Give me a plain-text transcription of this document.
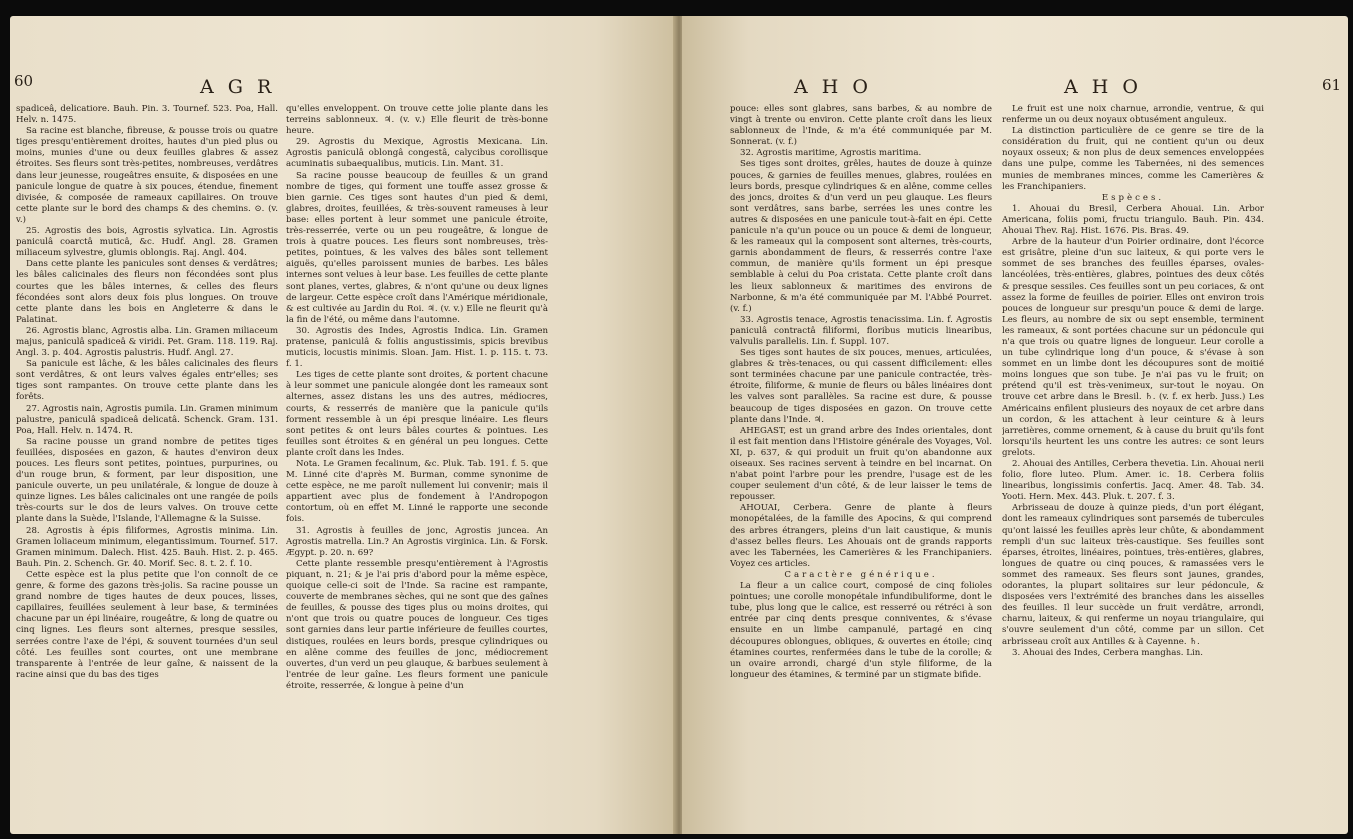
60	A G R

spadiceâ, delicatiore. Bauh. Pin. 3. Tournef. 523. Poa, Hall. Helv. n. 1475.

Sa racine est blanche, fibreuse, & pousse trois ou quatre tiges presqu'entièrement droites, hautes d'un pied plus ou moins, munies d'une ou deux feuilles glabres & assez étroites. Ses fleurs sont très-petites, nombreuses, verdâtres dans leur jeunesse, rougeâtres ensuite, & disposées en une panicule longue de quatre à six pouces, étendue, finement divisée, & composée de rameaux capillaires. On trouve cette plante sur le bord des champs & des chemins. ⊙. (v. v.)

25. Agrostis des bois, Agrostis sylvatica. Lin. Agrostis paniculâ coarctâ muticâ, &c. Hudf. Angl. 28. Gramen miliaceum sylvestre, glumis oblongis. Raj. Angl. 404.

Dans cette plante les panicules sont denses & verdâtres; les bâles calicinales des fleurs non fécondées sont plus courtes que les bâles internes, & celles des fleurs fécondées sont alors deux fois plus longues. On trouve cette plante dans les bois en Angleterre & dans le Palatinat.

26. Agrostis blanc, Agrostis alba. Lin. Gramen miliaceum majus, paniculâ spadiceâ & viridi. Pet. Gram. 118. 119. Raj. Angl. 3. p. 404. Agrostis palustris. Hudf. Angl. 27.

Sa panicule est lâche, & les bâles calicinales des fleurs sont verdâtres, & ont leurs valves égales entr'elles; ses tiges sont rampantes. On trouve cette plante dans les forêts.

27. Agrostis nain, Agrostis pumila. Lin. Gramen minimum palustre, paniculâ spadiceâ delicatâ. Schenck. Gram. 131. Poa, Hall. Helv. n. 1474. R.

Sa racine pousse un grand nombre de petites tiges feuillées, disposées en gazon, & hautes d'environ deux pouces. Les fleurs sont petites, pointues, purpurines, ou d'un rouge brun, & forment, par leur disposition, une panicule ouverte, un peu unilatérale, & longue de douze à quinze lignes. Les bâles calicinales ont une rangée de poils très-courts sur le dos de leurs valves. On trouve cette plante dans la Suède, l'Islande, l'Allemagne & la Suisse.

28. Agrostis à épis filiformes, Agrostis minima. Lin. Gramen loliaceum minimum, elegantissimum. Tournef. 517. Gramen minimum. Dalech. Hist. 425. Bauh. Hist. 2. p. 465. Bauh. Pin. 2. Schench. Gr. 40. Morif. Sec. 8. t. 2. f. 10.

Cette espèce est la plus petite que l'on connoît de ce genre, & forme des gazons très-jolis. Sa racine pousse un grand nombre de tiges hautes de deux pouces, lisses, capillaires, feuillées seulement à leur base, & terminées chacune par un épi linéaire, rougeâtre, & long de quatre ou cinq lignes. Les fleurs sont alternes, presque sessiles, serrées contre l'axe de l'épi, & souvent tournées d'un seul côté. Les feuilles sont courtes, ont une membrane transparente à l'entrée de leur gaîne, & naissent de la racine ainsi que du bas des tiges

qu'elles enveloppent. On trouve cette jolie plante dans les terreins sablonneux. ♃. (v. v.) Elle fleurit de très-bonne heure.

29. Agrostis du Mexique, Agrostis Mexicana. Lin. Agrostis paniculâ oblongâ congestâ, calycibus corollisque acuminatis subaequalibus, muticis. Lin. Mant. 31.

Sa racine pousse beaucoup de feuilles & un grand nombre de tiges, qui forment une touffe assez grosse & bien garnie. Ces tiges sont hautes d'un pied & demi, glabres, droites, feuillées, & très-souvent rameuses à leur base: elles portent à leur sommet une panicule étroite, très-resserrée, verte ou un peu rougeâtre, & longue de trois à quatre pouces. Les fleurs sont nombreuses, très-petites, pointues, & les valves des bâles sont tellement aiguës, qu'elles paroissent munies de barbes. Les bâles internes sont velues à leur base. Les feuilles de cette plante sont planes, vertes, glabres, & n'ont qu'une ou deux lignes de largeur. Cette espèce croît dans l'Amérique méridionale, & est cultivée au Jardin du Roi. ♃. (v. v.) Elle ne fleurit qu'à la fin de l'été, ou même dans l'automne.

30. Agrostis des Indes, Agrostis Indica. Lin. Gramen pratense, paniculâ & foliis angustissimis, spicis brevibus muticis, locustis minimis. Sloan. Jam. Hist. 1. p. 115. t. 73. f. 1.

Les tiges de cette plante sont droites, & portent chacune à leur sommet une panicule alongée dont les rameaux sont alternes, assez distans les uns des autres, médiocres, courts, & resserrés de manière que la panicule qu'ils forment ressemble à un épi presque linéaire. Les fleurs sont petites & ont leurs bâles courtes & pointues. Les feuilles sont étroites & en général un peu longues. Cette plante croît dans les Indes.

Nota. Le Gramen fecalinum, &c. Pluk. Tab. 191. f. 5. que M. Linné cite d'après M. Burman, comme synonime de cette espèce, ne me paroît nullement lui convenir; mais il appartient avec plus de fondement à l'Andropogon contortum, où en effet M. Linné le rapporte une seconde fois.

31. Agrostis à feuilles de jonc, Agrostis juncea. An Agrostis matrella. Lin.? An Agrostis virginica. Lin. & Forsk. Ægypt. p. 20. n. 69?

Cette plante ressemble presqu'entièrement à l'Agrostis piquant, n. 21; & je l'ai pris d'abord pour la même espèce, quoique celle-ci soit de l'Inde. Sa racine est rampante, couverte de membranes sèches, qui ne sont que des gaînes de feuilles, & pousse des tiges plus ou moins droites, qui n'ont que trois ou quatre pouces de longueur. Ces tiges sont garnies dans leur partie inférieure de feuilles courtes, distiques, roulées en leurs bords, presque cylindriques ou en alêne comme des feuilles de jonc, médiocrement ouvertes, d'un verd un peu glauque, & barbues seulement à l'entrée de leur gaîne. Les fleurs forment une panicule étroite, resserrée, & longue à peine d'un

A H O	A H O	61

pouce: elles sont glabres, sans barbes, & au nombre de vingt à trente ou environ. Cette plante croît dans les lieux sablonneux de l'Inde, & m'a été communiquée par M. Sonnerat. (v. f.)

32. Agrostis maritime, Agrostis maritima.

Ses tiges sont droites, grêles, hautes de douze à quinze pouces, & garnies de feuilles menues, glabres, roulées en leurs bords, presque cylindriques & en alêne, comme celles des joncs, droites & d'un verd un peu glauque. Les fleurs sont verdâtres, sans barbe, serrées les unes contre les autres & disposées en une panicule tout-à-fait en épi. Cette panicule n'a qu'un pouce ou un pouce & demi de longueur, & les rameaux qui la composent sont alternes, très-courts, garnis abondamment de fleurs, & resserrés contre l'axe commun, de manière qu'ils forment un épi presque semblable à celui du Poa cristata. Cette plante croît dans les lieux sablonneux & maritimes des environs de Narbonne, & m'a été communiquée par M. l'Abbé Pourret. (v. f.)

33. Agrostis tenace, Agrostis tenacissima. Lin. f. Agrostis paniculâ contractâ filiformi, floribus muticis linearibus, valvulis parallelis. Lin. f. Suppl. 107.

Ses tiges sont hautes de six pouces, menues, articulées, glabres & très-tenaces, ou qui cassent difficilement: elles sont terminées chacune par une panicule contractée, très-étroite, filiforme, & munie de fleurs ou bâles linéaires dont les valves sont parallèles. Sa racine est dure, & pousse beaucoup de tiges disposées en gazon. On trouve cette plante dans l'Inde. ♃.

AHEGAST, est un grand arbre des Indes orientales, dont il est fait mention dans l'Histoire générale des Voyages, Vol. XI, p. 637, & qui produit un fruit qu'on abandonne aux oiseaux. Ses racines servent à teindre en bel incarnat. On n'abat point l'arbre pour les prendre, l'usage est de les couper seulement d'un côté, & de leur laisser le tems de repousser.

AHOUAI, Cerbera. Genre de plante à fleurs monopétalées, de la famille des Apocins, & qui comprend des arbres étrangers, pleins d'un lait caustique, & munis d'assez belles fleurs. Les Ahouais ont de grands rapports avec les Tabernées, les Camerières & les Franchipaniers. Voyez ces articles.

Caractère générique.

La fleur a un calice court, composé de cinq folioles pointues; une corolle monopétale infundibuliforme, dont le tube, plus long que le calice, est resserré ou rétréci à son entrée par cinq dents presque conniventes, & s'évase ensuite en un limbe campanulé, partagé en cinq découpures oblongues, obliques, & ouvertes en étoile; cinq étamines courtes, renfermées dans le tube de la corolle; & un ovaire arrondi, chargé d'un style filiforme, de la longueur des étamines, & terminé par un stigmate bifide.

Le fruit est une noix charnue, arrondie, ventrue, & qui renferme un ou deux noyaux obtusément anguleux.

La distinction particulière de ce genre se tire de la considération du fruit, qui ne contient qu'un ou deux noyaux osseux; & non plus de deux semences enveloppées dans une pulpe, comme les Tabernées, ni des semences munies de membranes minces, comme les Camerières & les Franchipaniers.

Espèces.

1. Ahouai du Bresil, Cerbera Ahouai. Lin. Arbor Americana, foliis pomi, fructu triangulo. Bauh. Pin. 434. Ahouai Thev. Raj. Hist. 1676. Pis. Bras. 49.

Arbre de la hauteur d'un Poirier ordinaire, dont l'écorce est grisâtre, pleine d'un suc laiteux, & qui porte vers le sommet de ses branches des feuilles éparses, ovales-lancéolées, très-entières, glabres, pointues des deux côtés & presque sessiles. Ces feuilles sont un peu coriaces, & ont assez la forme de feuilles de poirier. Elles ont environ trois pouces de longueur sur presqu'un pouce & demi de large. Les fleurs, au nombre de six ou sept ensemble, terminent les rameaux, & sont portées chacune sur un pédoncule qui n'a que trois ou quatre lignes de longueur. Leur corolle a un tube cylindrique long d'un pouce, & s'évase à son sommet en un limbe dont les découpures sont de moitié moins longues que son tube. Je n'ai pas vu le fruit; on prétend qu'il est très-venimeux, sur-tout le noyau. On trouve cet arbre dans le Bresil. ♄. (v. f. ex herb. Juss.) Les Américains enfilent plusieurs des noyaux de cet arbre dans un cordon, & les attachent à leur ceinture & à leurs jarretières, comme ornement, & à cause du bruit qu'ils font lorsqu'ils heurtent les uns contre les autres: ce sont leurs grelots.

2. Ahouai des Antilles, Cerbera thevetia. Lin. Ahouai nerii folio, flore luteo. Plum. Amer. ic. 18. Cerbera foliis linearibus, longissimis confertis. Jacq. Amer. 48. Tab. 34. Yooti. Hern. Mex. 443. Pluk. t. 207. f. 3.

Arbrisseau de douze à quinze pieds, d'un port élégant, dont les rameaux cylindriques sont parsemés de tubercules qu'ont laissé les feuilles après leur chûte, & abondamment rempli d'un suc laiteux très-caustique. Ses feuilles sont éparses, étroites, linéaires, pointues, très-entières, glabres, longues de quatre ou cinq pouces, & ramassées vers le sommet des rameaux. Ses fleurs sont jaunes, grandes, odorantes, la plupart solitaires sur leur pédoncule, & disposées vers l'extrémité des branches dans les aisselles des feuilles. Il leur succède un fruit verdâtre, arrondi, charnu, laiteux, & qui renferme un noyau triangulaire, qui s'ouvre seulement d'un côté, comme par un sillon. Cet arbrisseau croît aux Antilles & à Cayenne. ♄.

3. Ahouai des Indes, Cerbera manghas. Lin.
